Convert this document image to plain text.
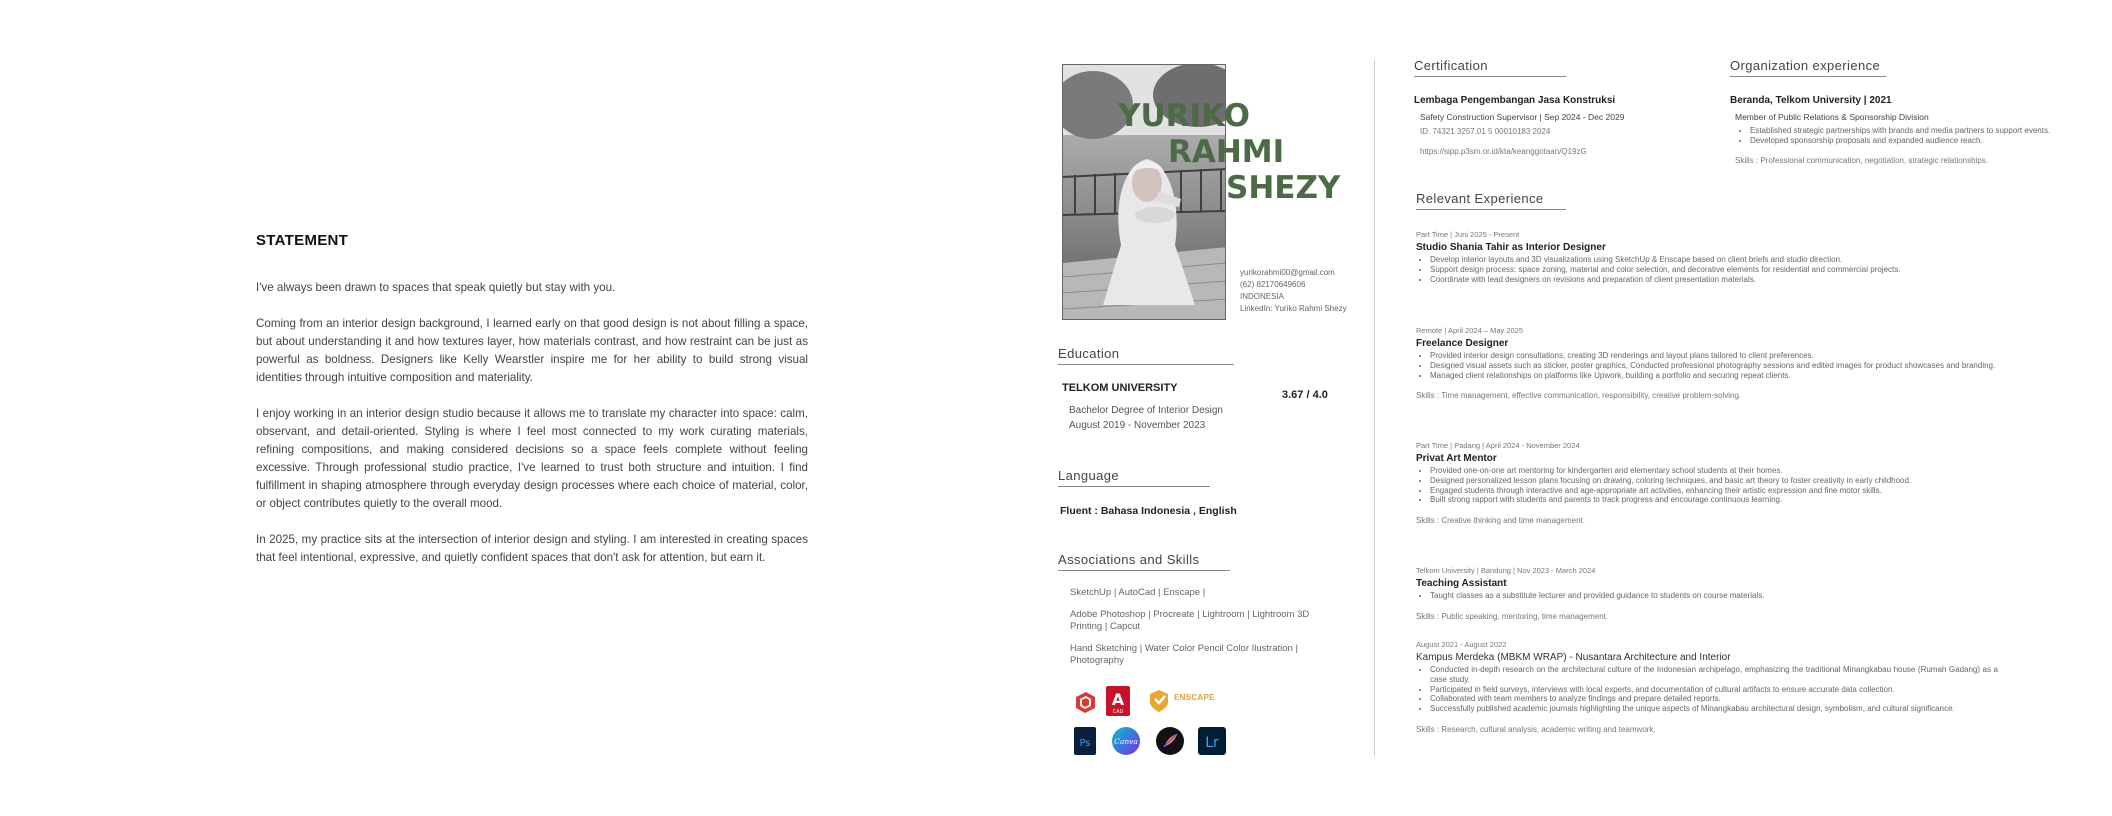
STATEMENT

I've always been drawn to spaces that speak quietly but stay with you.

Coming from an interior design background, I learned early on that good design is not about filling a space, but about understanding it and how textures layer, how materials contrast, and how restraint can be just as powerful as boldness. Designers like Kelly Wearstler inspire me for her ability to build strong visual identities through intuitive composition and materiality.

I enjoy working in an interior design studio because it allows me to translate my character into space: calm, observant, and detail-oriented. Styling is where I feel most connected to my work curating materials, refining compositions, and making considered decisions so a space feels complete without feeling excessive. Through professional studio practice, I've learned to trust both structure and intuition. I find fulfillment in shaping atmosphere through everyday design processes where each choice of material, color, or object contributes quietly to the overall mood.

In 2025, my practice sits at the intersection of interior design and styling. I am interested in creating spaces that feel intentional, expressive, and quietly confident spaces that don't ask for attention, but earn it.

YURIKO
RAHMI
SHEZY
yurikorahmi00@gmail.com
(62) 82170649606
INDONESIA
LinkedIn: Yuriko Rahmi Shezy
Education
TELKOM UNIVERSITY
3.67 / 4.0
Bachelor Degree of Interior Design
August 2019 - November 2023
Language
Fluent : Bahasa Indonesia , English
Associations and Skills
SketchUp | AutoCad | Enscape |
Adobe Photoshop | Procreate | Lightroom | Lightroom 3D Printing | Capcut
Hand Sketching | Water Color Pencil Color Ilustration | Photography
A
CAD
ENSCAPE
Ps	Canva	Lr
Certification
Lembaga Pengembangan Jasa Konstruksi
Safety Construction Supervisor | Sep 2024 - Dec 2029
ID. 74321 3257.01 5 00010183 2024
https://sipp.p3sm.or.id/kta/keanggotaan/Q19zG
Organization experience
Beranda, Telkom University | 2021
Member of Public Relations & Sponsorship Division
• Established strategic partnerships with brands and media partners to support events.
• Developed sponsorship proposals and expanded audience reach.
Skills : Professional communication, negotiation, strategic relationships.
Relevant Experience
Part Time | Juni 2025 - Present
Studio Shania Tahir as Interior Designer
• Develop interior layouts and 3D visualizations using SketchUp & Enscape based on client briefs and studio direction.
• Support design process: space zoning, material and color selection, and decorative elements for residential and commercial projects.
• Coordinate with lead designers on revisions and preparation of client presentation materials.
Remote | April 2024 – May 2025
Freelance Designer
• Provided interior design consultations, creating 3D renderings and layout plans tailored to client preferences.
• Designed visual assets such as sticker, poster graphics, Conducted professional photography sessions and edited images for product showcases and branding.
• Managed client relationships on platforms like Upwork, building a portfolio and securing repeat clients.
Skills : Time management, effective communication, responsibility, creative problem-solving.
Part Time | Padang | April 2024 - November 2024
Privat Art Mentor
• Provided one-on-one art mentoring for kindergarten and elementary school students at their homes.
• Designed personalized lesson plans focusing on drawing, coloring techniques, and basic art theory to foster creativity in early childhood.
• Engaged students through interactive and age-appropriate art activities, enhancing their artistic expression and fine motor skills.
• Built strong rapport with students and parents to track progress and encourage continuous learning.
Skills : Creative thinking and time management.
Telkom University | Bandung | Nov 2023 - March 2024
Teaching Assistant
• Taught classes as a substitute lecturer and provided guidance to students on course materials.
Skills : Public speaking, mentoring, time management.
August 2021 - August 2022
Kampus Merdeka (MBKM WRAP) - Nusantara Architecture and Interior
• Conducted in-depth research on the architectural culture of the Indonesian archipelago, emphasizing the traditional Minangkabau house (Rumah Gadang) as a case study.
• Participated in field surveys, interviews with local experts, and documentation of cultural artifacts to ensure accurate data collection.
• Collaborated with team members to analyze findings and prepare detailed reports.
• Successfully published academic journals highlighting the unique aspects of Minangkabau architectural design, symbolism, and cultural significance.
Skills : Research, cultural analysis, academic writing and teamwork.
